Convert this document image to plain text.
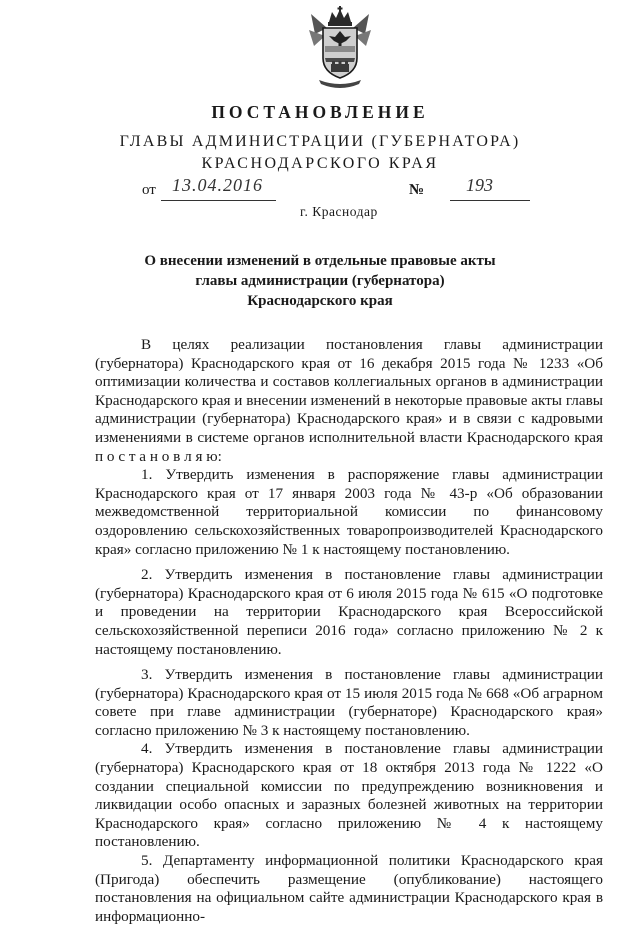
ПОСТАНОВЛЕНИЕ
ГЛАВЫ АДМИНИСТРАЦИИ (ГУБЕРНАТОРА)
КРАСНОДАРСКОГО КРАЯ
от 13.04.2016	№ 193
г. Краснодар
О внесении изменений в отдельные правовые акты
главы администрации (губернатора)
Краснодарского края

В целях реализации постановления главы администрации (губернатора) Краснодарского края от 16 декабря 2015 года № 1233 «Об оптимизации количества и составов коллегиальных органов в администрации Краснодарского края и внесении изменений в некоторые правовые акты главы администрации (губернатора) Краснодарского края» и в связи с кадровыми изменениями в системе органов исполнительной власти Краснодарского края п о с т а н о в л я ю:

1. Утвердить изменения в распоряжение главы администрации Краснодарского края от 17 января 2003 года № 43-р «Об образовании межведомственной территориальной комиссии по финансовому оздоровлению сельскохозяйственных товаропроизводителей Краснодарского края» согласно приложению № 1 к настоящему постановлению.

2. Утвердить изменения в постановление главы администрации (губернатора) Краснодарского края от 6 июля 2015 года № 615 «О подготовке и проведении на территории Краснодарского края Всероссийской сельскохозяйственной переписи 2016 года» согласно приложению № 2 к настоящему постановлению.

3. Утвердить изменения в постановление главы администрации (губернатора) Краснодарского края от 15 июля 2015 года № 668 «Об аграрном совете при главе администрации (губернаторе) Краснодарского края» согласно приложению № 3 к настоящему постановлению.

4. Утвердить изменения в постановление главы администрации (губернатора) Краснодарского края от 18 октября 2013 года № 1222 «О создании специальной комиссии по предупреждению возникновения и ликвидации особо опасных и заразных болезней животных на территории Краснодарского края» согласно приложению № 4 к настоящему постановлению.

5. Департаменту информационной политики Краснодарского края (Пригода) обеспечить размещение (опубликование) настоящего постановления на официальном сайте администрации Краснодарского края в информационно-
